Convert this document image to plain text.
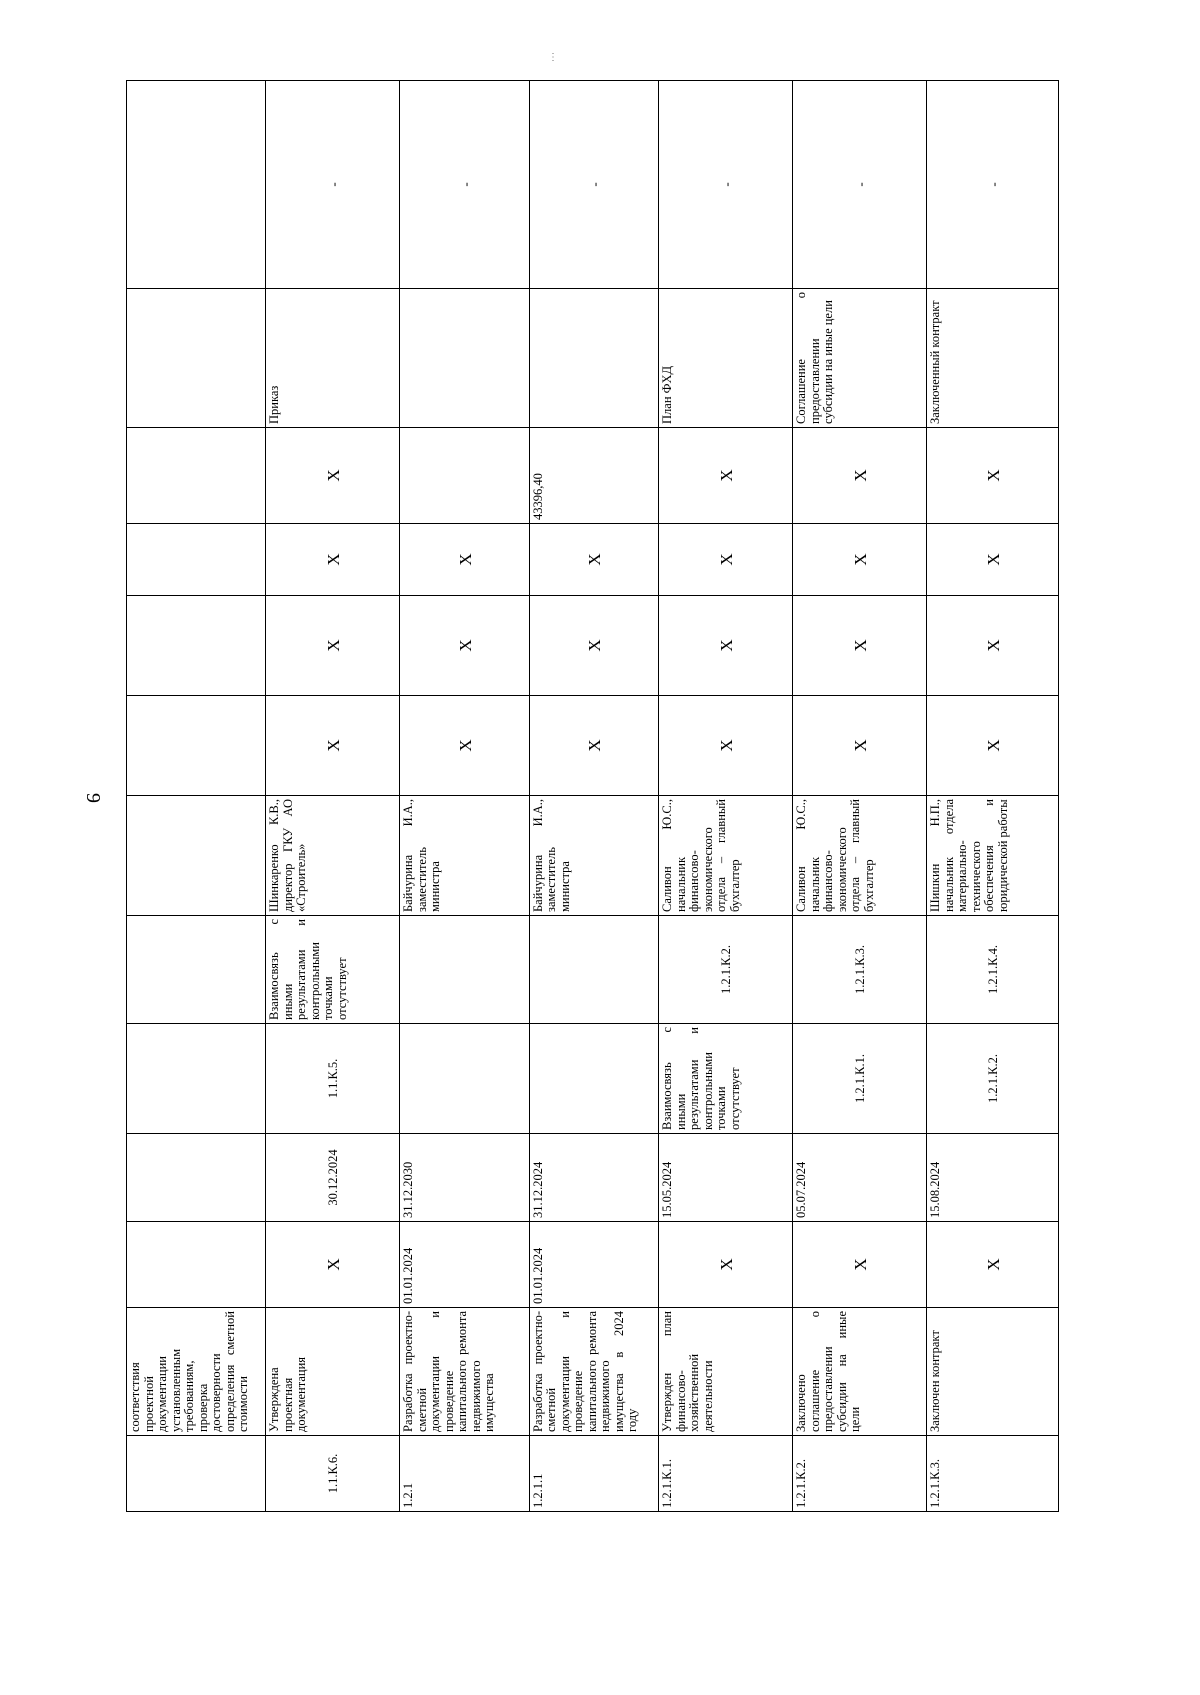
9
⋮
	соответствия проектной документации установленным требованиям, проверка достоверности определения сметной стоимости											
1.1.К.6.	Утверждена проектная документация	X	30.12.2024	1.1.К.5.	Взаимосвязь с иными результатами и контрольными точками отсутствует	Шинкаренко К.В., директор ГКУ АО «Строитель»	X	X	X	X	Приказ	-
1.2.1	Разработка проектно-сметной документации и проведение капитального ремонта недвижимого имущества	01.01.2024	31.12.2030			Байчурина И.А., заместитель министра	X	X	X			-
1.2.1.1	Разработка проектно-сметной документации и проведение капитального ремонта недвижимого имущества в 2024 году	01.01.2024	31.12.2024			Байчурина И.А., заместитель министра	X	X	X	43396,40		-
1.2.1.К.1.	Утвержден план финансово-хозяйственной деятельности	X	15.05.2024	Взаимосвязь с иными результатами и контрольными точками отсутствует	1.2.1.К.2.	Саливон Ю.С., начальник финансово-экономического отдела – главный бухгалтер	X	X	X	X	План ФХД	-
1.2.1.К.2.	Заключено соглашение о предоставлении субсидии на иные цели	X	05.07.2024	1.2.1.К.1.	1.2.1.К.3.	Саливон Ю.С., начальник финансово-экономического отдела – главный бухгалтер	X	X	X	X	Соглашение о предоставлении субсидии на иные цели	-
1.2.1.К.3.	Заключен контракт	X	15.08.2024	1.2.1.К.2.	1.2.1.К.4.	Шишкин Н.П., начальник отдела материально-технического обеспечения и юридической работы	X	X	X	X	Заключенный контракт	-
